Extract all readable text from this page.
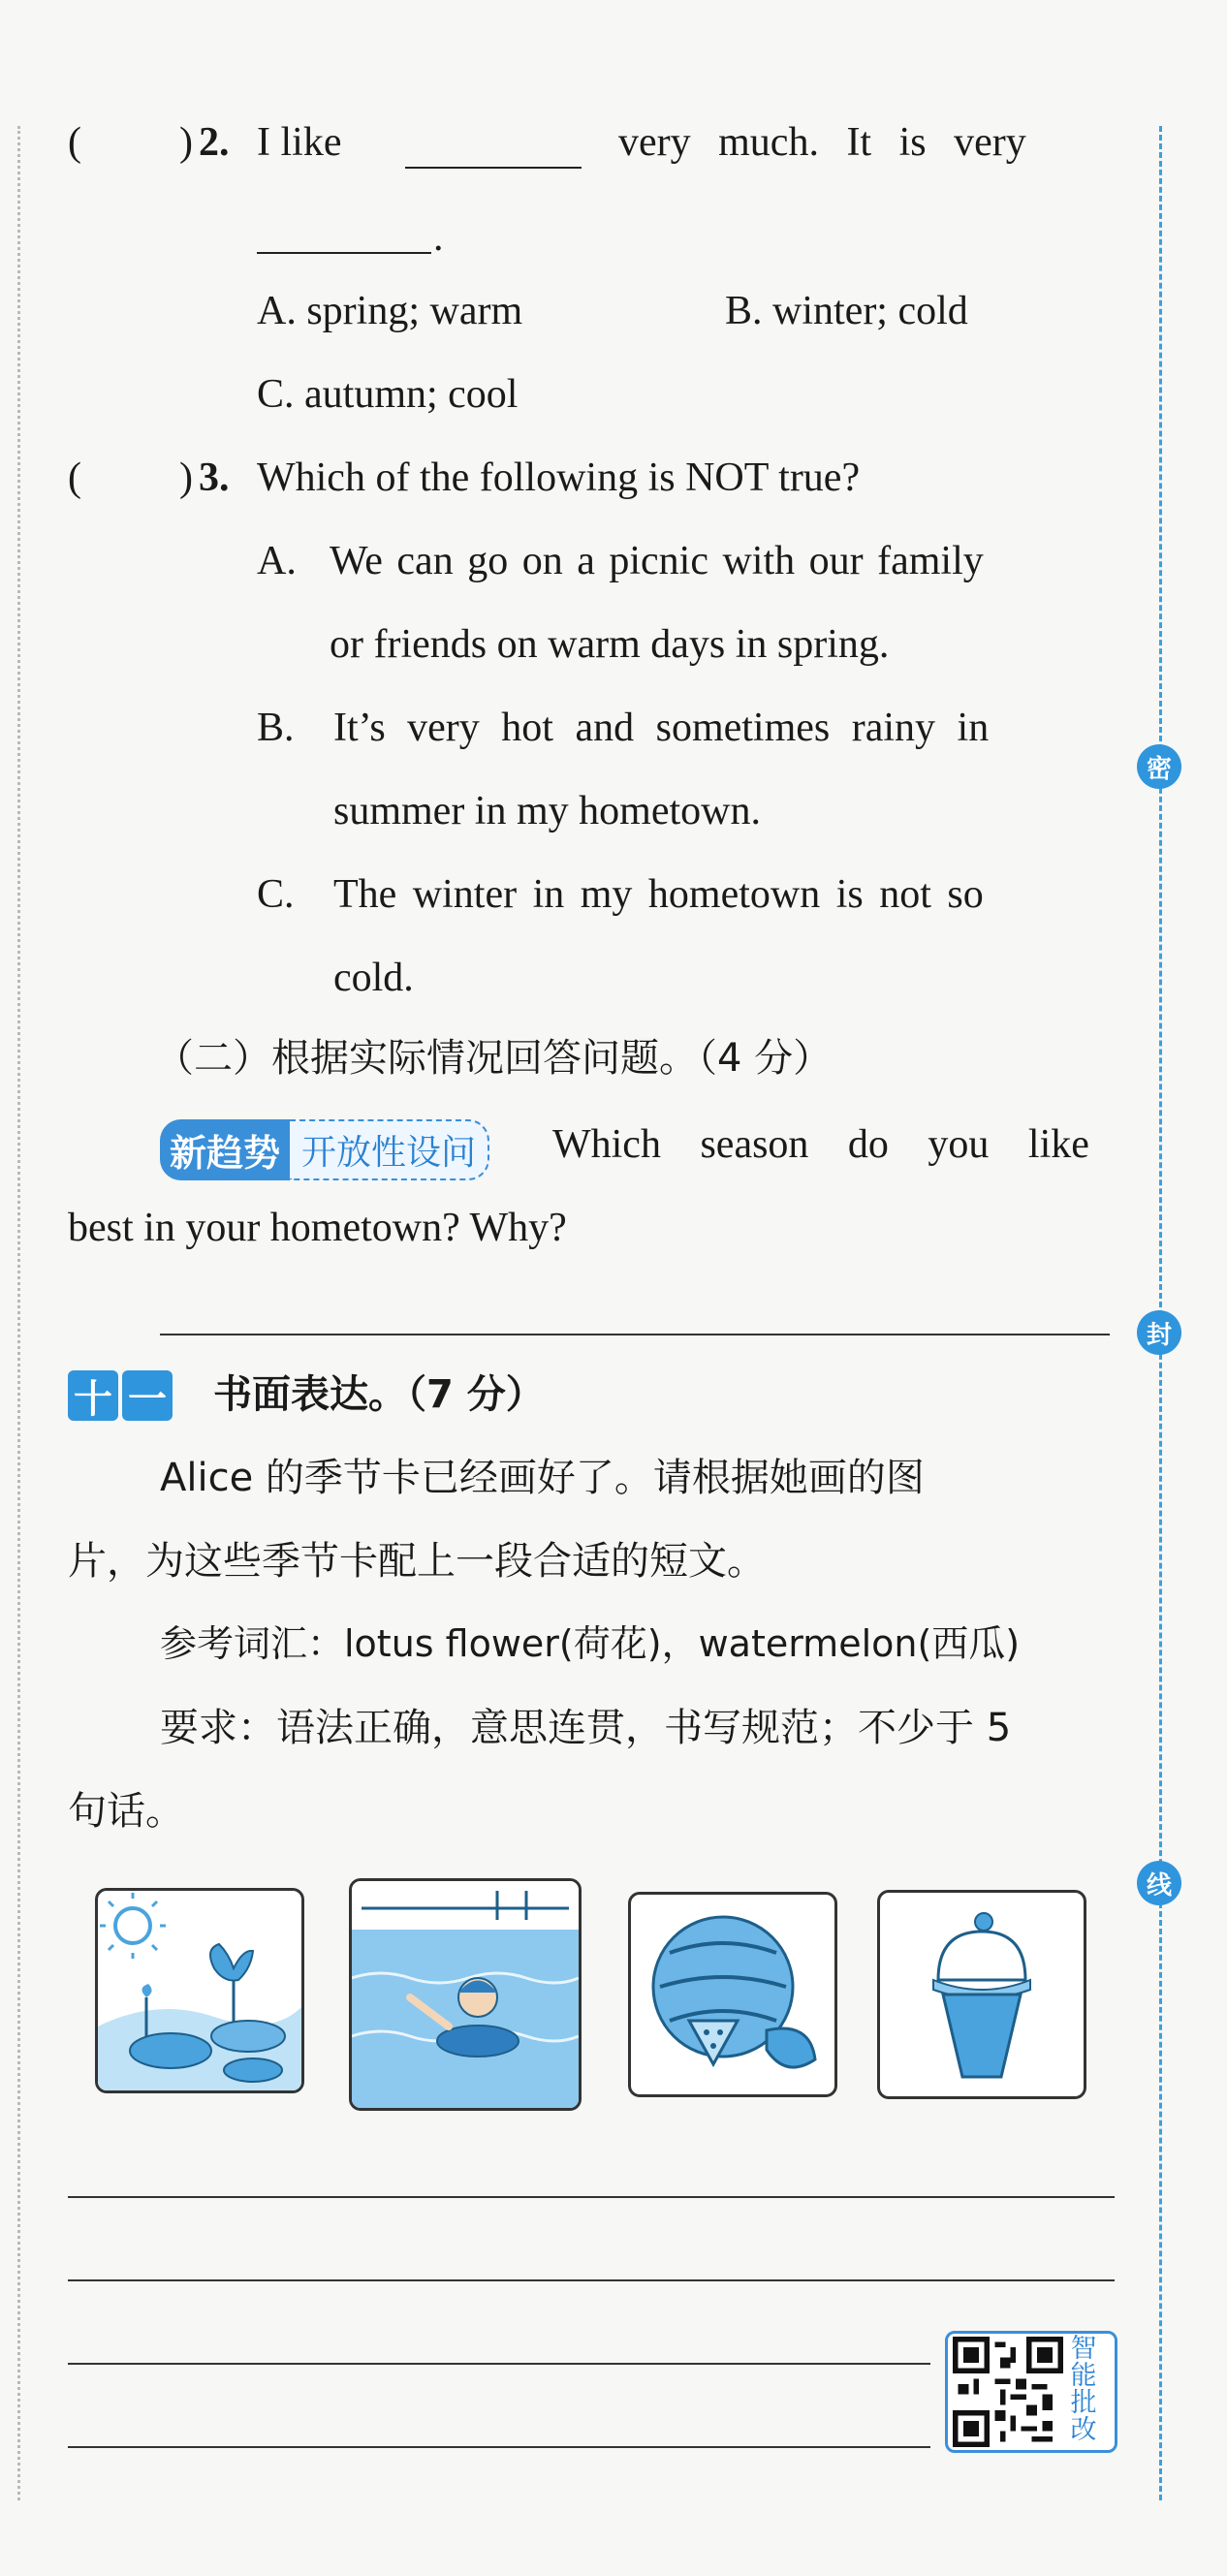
密
封
线
( ) 2. I like	very much. It is very
.
A. spring; warm	B. winter; cold
C. autumn; cool
( ) 3. Which of the following is NOT true?
A. We can go on a picnic with our family
or friends on warm days in spring.
B. It’s very hot and sometimes rainy in
summer in my hometown.
C. The winter in my hometown is not so
cold.
（二）根据实际情况回答问题。（4 分）
新趋势 开放性设问	Which season do you like
best in your hometown? Why?
十 一 书面表达。（7 分）
Alice 的季节卡已经画好了。请根据她画的图
片，为这些季节卡配上一段合适的短文。
参考词汇：lotus flower(荷花)，watermelon(西瓜)
要求：语法正确，意思连贯，书写规范；不少于 5
句话。
智
能
批
改
